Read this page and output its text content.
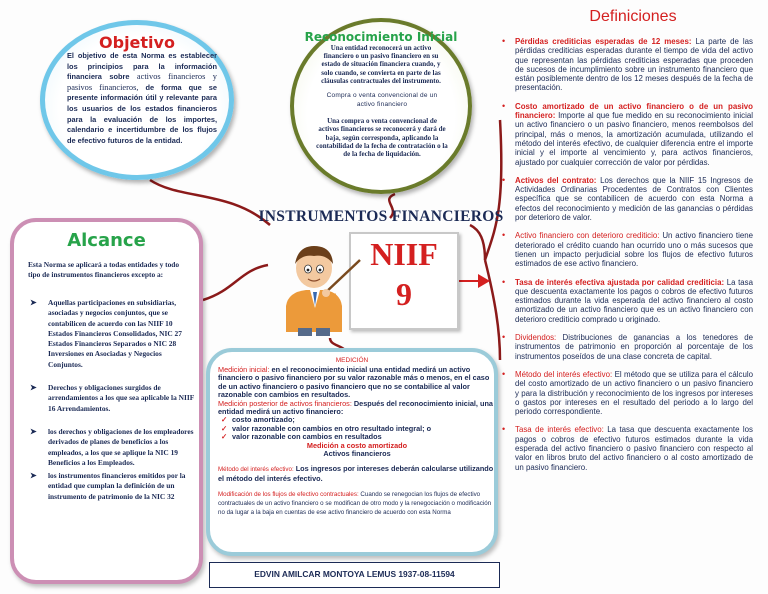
Objetivo
El objetivo de esta Norma es establecer los principios para la información financiera sobre activos financieros y pasivos financieros, de forma que se presente información útil y relevante para los usuarios de los estados financieros para la evaluación de los importes, calendario e incertidumbre de los flujos de efectivo futuros de la entidad.
Reconocimiento Inicial
Una entidad reconocerá un activo financiero o un pasivo financiero en su estado de situación financiera cuando, y solo cuando, se convierta en parte de las cláusulas contractuales del instrumento.
Compra o venta convencional de un activo financiero
Una compra o venta convencional de activos financieros se reconocerá y dará de baja, según corresponda, aplicando la contabilidad de la fecha de contratación o la de la fecha de liquidación.
Alcance
Esta Norma se aplicará a todas entidades y todo tipo de instrumentos financieros excepto a:
➤ Aquellas participaciones en subsidiarias, asociadas y negocios conjuntos, que se contabilicen de acuerdo con las NIIF 10 Estados Financieros Consolidados, NIC 27 Estados Financieros Separados o NIC 28 Inversiones en Asociadas y Negocios Conjuntos.
➤ Derechos y obligaciones surgidos de arrendamientos a los que sea aplicable la NIIF 16 Arrendamientos.
➤ los derechos y obligaciones de los empleadores derivados de planes de beneficios a los empleados, a los que se aplique la NIC 19 Beneficios a los Empleados.
➤ los instrumentos financieros emitidos por la entidad que cumplan la definición de un instrumento de patrimonio de la NIC 32
INSTRUMENTOS FINANCIEROS
NIIF
9
MEDICIÓN
Medición inicial: en el reconocimiento inicial una entidad medirá un activo financiero o pasivo financiero por su valor razonable más o menos, en el caso de un activo financiero o pasivo financiero que no se contabilice al valor razonable con cambios en resultados.
Medición posterior de activos financieros: Después del reconocimiento inicial, una entidad medirá un activo financiero:
✓ costo amortizado;
✓ valor razonable con cambios en otro resultado integral; o
✓ valor razonable con cambios en resultados
Medición a costo amortizado
Activos financieros
Método del interés efectivo: Los ingresos por intereses deberán calcularse utilizando el método del interés efectivo.
Modificación de los flujos de efectivo contractuales: Cuando se renegocian los flujos de efectivo contractuales de un activo financiero o se modifican de otro modo y la renegociación o modificación no da lugar a la baja en cuentas de ese activo financiero de acuerdo con esta Norma
EDVIN AMILCAR MONTOYA LEMUS 1937-08-11594
Definiciones
• Pérdidas crediticias esperadas de 12 meses: La parte de las pérdidas crediticias esperadas durante el tiempo de vida del activo que representan las pérdidas crediticias esperadas que proceden de sucesos de incumplimiento sobre un instrumento financiero que están posiblemente dentro de los 12 meses después de la fecha de presentación.
• Costo amortizado de un activo financiero o de un pasivo financiero: Importe al que fue medido en su reconocimiento inicial un activo financiero o un pasivo financiero, menos reembolsos del principal, más o menos, la amortización acumulada, utilizando el método del interés efectivo, de cualquier diferencia entre el importe inicial y el importe al vencimiento y, para activos financieros, ajustado por cualquier corrección de valor por pérdidas.
• Activos del contrato: Los derechos que la NIIF 15 Ingresos de Actividades Ordinarias Procedentes de Contratos con Clientes específica que se contabilicen de acuerdo con esta Norma a efectos del reconocimiento y medición de las ganancias o pérdidas por deterioro de valor.
• Activo financiero con deterioro crediticio: Un activo financiero tiene deteriorado el crédito cuando han ocurrido uno o más sucesos que tienen un impacto perjudicial sobre los flujos de efectivo futuros estimados de ese activo financiero.
• Tasa de interés efectiva ajustada por calidad crediticia: La tasa que descuenta exactamente los pagos o cobros de efectivo futuros estimados durante la vida esperada del activo financiero al costo amortizado de un activo financiero que es un activo financiero con deterioro crediticio comprado u originado.
• Dividendos: Distribuciones de ganancias a los tenedores de instrumentos de patrimonio en proporción al porcentaje de los instrumentos poseídos de una clase concreta de capital.
• Método del interés efectivo: El método que se utiliza para el cálculo del costo amortizado de un activo financiero o un pasivo financiero y para la distribución y reconocimiento de los ingresos por intereses o gastos por intereses en el resultado del periodo a lo largo del periodo correspondiente.
• Tasa de interés efectivo: La tasa que descuenta exactamente los pagos o cobros de efectivo futuros estimados durante la vida esperada del activo financiero o pasivo financiero con respecto al valor en libros bruto del activo financiero o al costo amortizado de un pasivo financiero.
